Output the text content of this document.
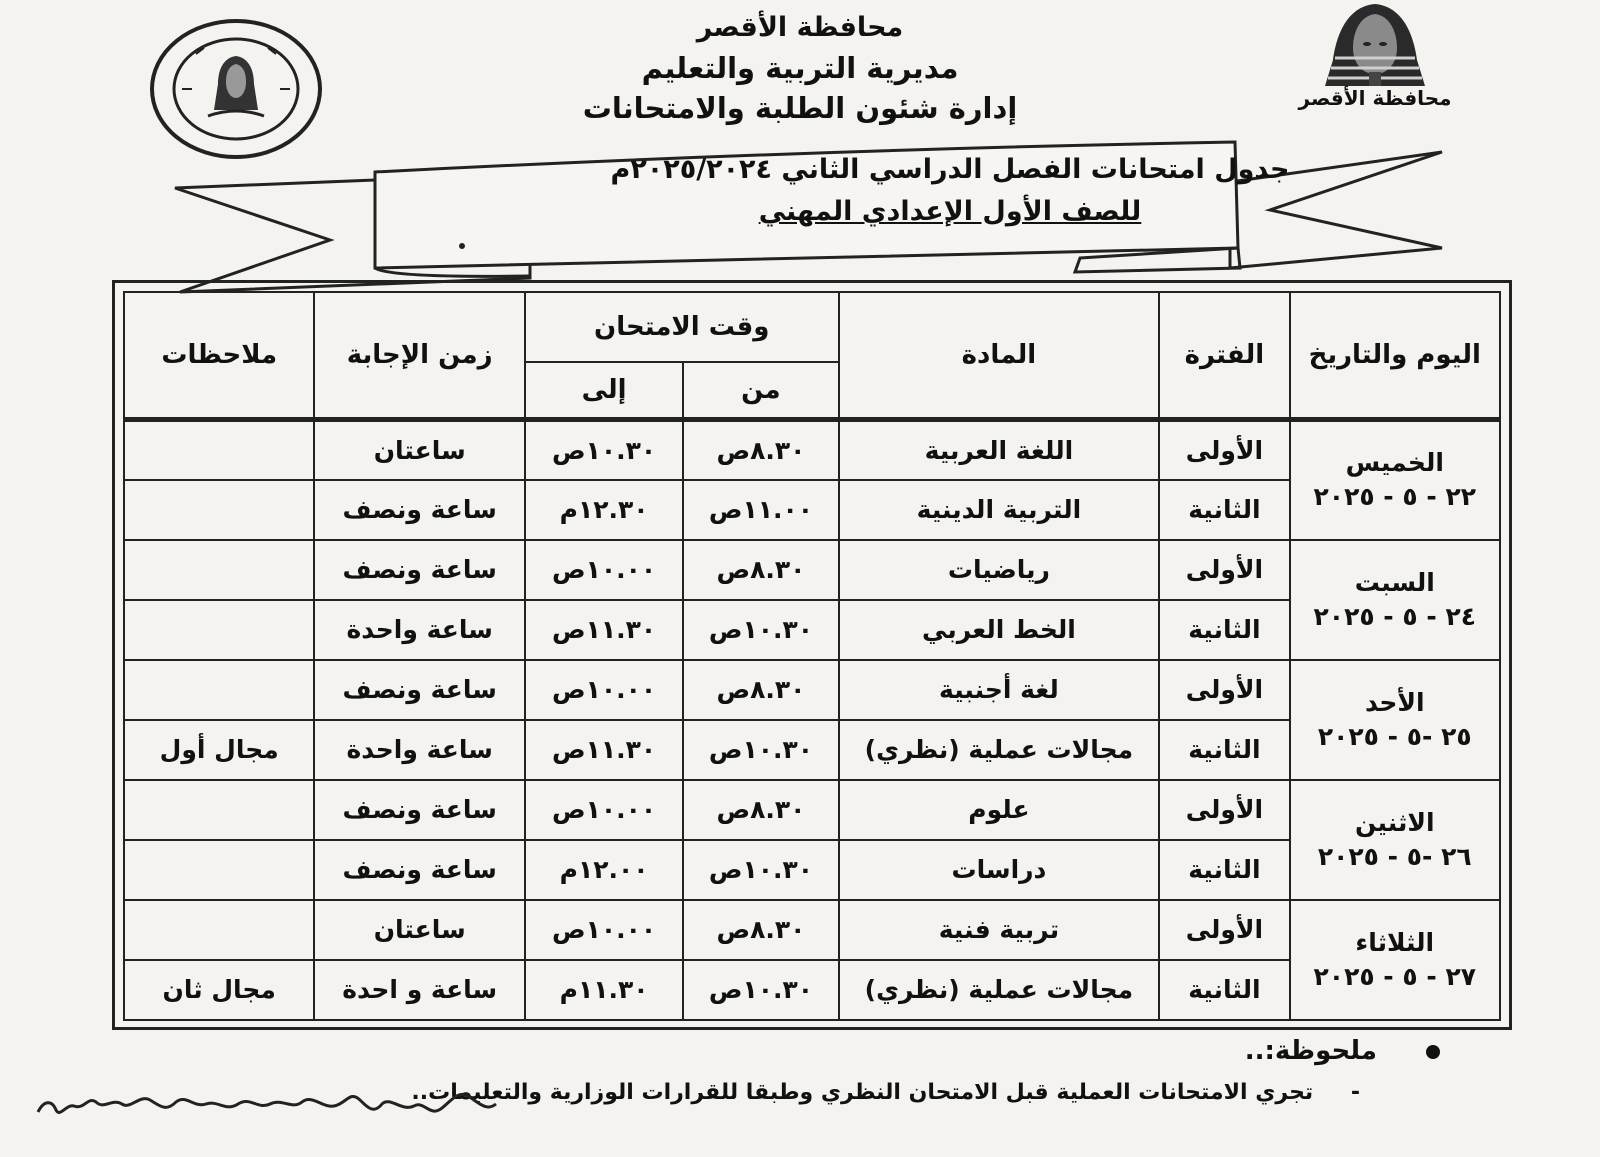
محافظة الأقصر
مديرية التربية والتعليم
إدارة شئون الطلبة والامتحانات	محافظة الأقصر
جدول امتحانات الفصل الدراسي الثاني ٢٠٢٥/٢٠٢٤م
للصف الأول الإعدادي المهني
اليوم والتاريخ	الفترة	المادة	وقت الامتحان		زمن الإجابة	ملاحظات
			من	إلى		

الخميس
٢٢ - ٥ - ٢٠٢٥	الأولى	اللغة العربية	٨.٣٠ص	١٠.٣٠ص	ساعتان	
	الثانية	التربية الدينية	١١.٠٠ص	١٢.٣٠م	ساعة ونصف	

السبت
٢٤ - ٥ - ٢٠٢٥	الأولى	رياضيات	٨.٣٠ص	١٠.٠٠ص	ساعة ونصف	
	الثانية	الخط العربي	١٠.٣٠ص	١١.٣٠ص	ساعة واحدة	

الأحد
٢٥ -٥ - ٢٠٢٥	الأولى	لغة أجنبية	٨.٣٠ص	١٠.٠٠ص	ساعة ونصف	
	الثانية	مجالات عملية (نظري)	١٠.٣٠ص	١١.٣٠ص	ساعة واحدة	مجال أول

الاثنين
٢٦ -٥ - ٢٠٢٥	الأولى	علوم	٨.٣٠ص	١٠.٠٠ص	ساعة ونصف	
	الثانية	دراسات	١٠.٣٠ص	١٢.٠٠م	ساعة ونصف	

الثلاثاء
٢٧ - ٥ - ٢٠٢٥	الأولى	تربية فنية	٨.٣٠ص	١٠.٠٠ص	ساعتان	
	الثانية	مجالات عملية (نظري)	١٠.٣٠ص	١١.٣٠م	ساعة و احدة	مجال ثان
ملحوظة:..
- تجري الامتحانات العملية قبل الامتحان النظري وطبقا للقرارات الوزارية والتعليمات..
